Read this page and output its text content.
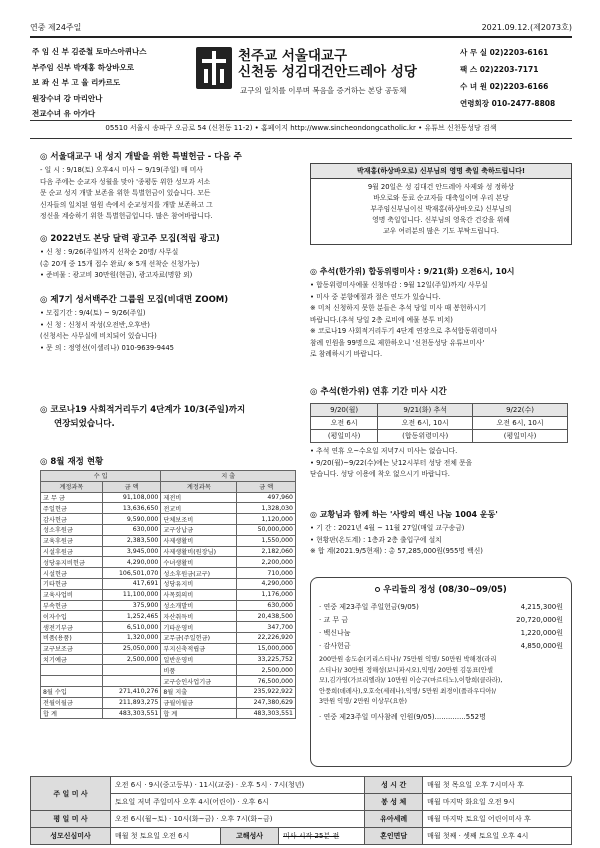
연중 제24주일	2021.09.12.(제2073호)
주 임 신 부 김준철 토마스아퀴나스
부주임 신부 박재홍 하상바오로
보 좌 신 부 고 율 리카르도
원장수녀 강 마리안나
전교수녀 유 아가다
천주교 서울대교구
신천동 성김대건안드레아 성당
교구의 일치를 이루며 복음을 증거하는 본당 공동체
사 무 실 02)2203-6161
팩 스 02)2203-7171
수 녀 원 02)2203-6166
연령회장 010-2477-8808
05510 서울시 송파구 오금로 54 (신천동 11-2) • 홈페이지 http://www.sincheondongcatholic.kr • 유튜브 신천동성당 검색
◎ 서울대교구 내 성지 개발을 위한 특별헌금 - 다음 주
- 일 시 : 9/18(토) 오후4시 미사 ~ 9/19(주일) 매 미사
다음 주에는 순교자 성월을 맞아 '종평동 위한 성모과 서소
문 순교 성지 개발 보존을 위한 특별헌금이 있습니다. 모든
신자들의 일치된 염원 속에서 순교성지를 개발 보존하고 그
정신을 계승하기 위한 특별헌금입니다. 많은 참여바랍니다.
◎ 2022년도 본당 달력 광고주 모집(적립 광고)
• 신 청 : 9/26(주일)까지 선착순 20명/ 사무실
(총 20개 중 15개 접수 완료/ ※ 5개 선착순 신청가능)
• 준비물 : 광고비 30만원(현금), 광고자료(명함 외)
◎ 제7기 성서백주간 그룹원 모집(비대면 ZOOM)
• 모집기간 : 9/4(토) ~ 9/26(주일)
• 신 청 : 신청서 작성(오전반,오후반)
(신청서는 사무실에 비치되어 있습니다)
• 문 의 : 정영선(이셀리나) 010-9639-9445
◎ 코로나19 사회적거리두기 4단계가 10/3(주일)까지
연장되었습니다.
◎ 8월 재정 현황
수 입		지 출	
계정과목	금 액	계정과목	금 액
교 무 금	91,108,000	제전비	497,960
주일헌금	13,636,650	전교비	1,328,030
감사헌금	9,590,000	단체보조비	1,120,000
성소후원금	630,000	교구상납금	50,000,000
교육후원금	2,383,500	사제생활비	1,550,000
시설후원금	3,945,000	사제생활비(원장님)	2,182,060
성당유지비헌금	4,290,000	수녀생활비	2,200,000
시설헌금	106,501,070	성소후원금(교구)	710,000
기타헌금	417,691	성당유지비	4,290,000
교육사업비	11,100,000	사목회의비	1,176,000
부속헌금	375,900	성소개발비	630,000
이자수입	1,252,465	자산취득비	20,438,500
생전기부금	6,510,000	기타운영비	347,700
비품(용품)	1,320,000	교무금(주일헌금)	22,226,920
교구보조금	25,050,000	부지신축적립금	15,000,000
치기예금	2,500,000	일반운영비	33,225,752
		비품	2,500,000
		교구승인사업기금	76,500,000
8월 수입	271,410,276	8월 지출	235,922,922
전월이월금	211,893,275	금월이월금	247,380,629
합 계	483,303,551	합 계	483,303,551
박재홍(하상바오로) 신부님의 영명 축일 축하드립니다!
9월 20일은 성 김대건 안드레아 사제와 성 정하상
바오로와 동료 순교자들 대축일이며 우리 본당
부주임신부님이신 박재홍(하상바오로) 신부님의
영명 축일입니다. 신부님의 영육간 건강을 위해
교우 여러분의 많은 기도 부탁드립니다.
◎ 추석(한가위) 합동위령미사 : 9/21(화) 오전6시, 10시
• 합동위령미사예물 신청마감 : 9월 12일(주일)까지/ 사무실
• 미사 중 분향예절과 절은 연도가 있습니다.
※ 미처 신청하지 못한 분들은 추석 당일 미사 때 봉헌하시기
바랍니다.(추석 당일 2층 로비에 예물 봉투 비치)
※ 코로나19 사회적거리두기 4단계 연장으로 추석합동위령미사
참례 인원을 99명으로 제한하오니 '신천동성당 유튜브미사'
로 참례하시기 바랍니다.
◎ 추석(한가위) 연휴 기간 미사 시간
9/20(월)	9/21(화) 추석	9/22(수)
오전 6시	오전 6시, 10시	오전 6시, 10시
(평일미사)	(합동위령미사)	(평일미사)
• 추석 연휴 오~수요일 저녁7시 미사는 없습니다.
• 9/20(월)~9/22(수)에는 낮12시부터 성당 전체 문을
닫습니다. 성당 이용에 착오 없으시기 바랍니다.
◎ 교황님과 함께 하는 '사랑의 백신 나눔 1004 운동'
• 기 간 : 2021년 4월 ~ 11월 27일(매일 교구송금)
• 현황판(온도계) : 1층과 2층 출입구에 설치
※ 합 계(2021.9/5현재) : 총 57,285,000원(955명 백신)
우리들의 정성 (08/30~09/05)
· 연중 제23주일 주일헌금(9/05)	4,215,300원
· 교 무 금	20,720,000원
· 백신나눔	1,220,000원
· 감사헌금	4,850,000원
200만원 송도순(키리스티나)/ 75만원 익명/ 50만원 박해경(라리
스티나)/ 30만원 정해성(보니파시오),익명/ 20만원 김동표(안셀
모),김가영(가브리엘라)/ 10만원 이승구(마르티노),이향희(클라라),
안풍희(데레사),오호숙(세레나),익명/ 5만원 최경이(플라우디아)/
3만원 익명/ 2만원 이상무(요한)
· 연중 제23주일 미사참례 인원(9/05)..............552명
주 일 미 사	오전 6시 · 9시(중고등부) · 11시(교중) · 오후 5시 · 7시(청년)			성 시 간	매월 첫 목요일 오후 7시미사 후
	토요일 저녁 주일미사 오후 4시(어린이) · 오후 6시			봉 성 체	매월 마지막 화요일 오전 9시
평 일 미 사	오전 6시(월~토) · 10시(화~금) · 오후 7시(화~금)			유아세례	매월 마지막 토요일 어린이미사 후
성모신심미사	매월 첫 토요일 오전 6시	고해성사	미사 시작 25분 전	혼인면담	매월 첫째 · 셋째 토요일 오후 4시
